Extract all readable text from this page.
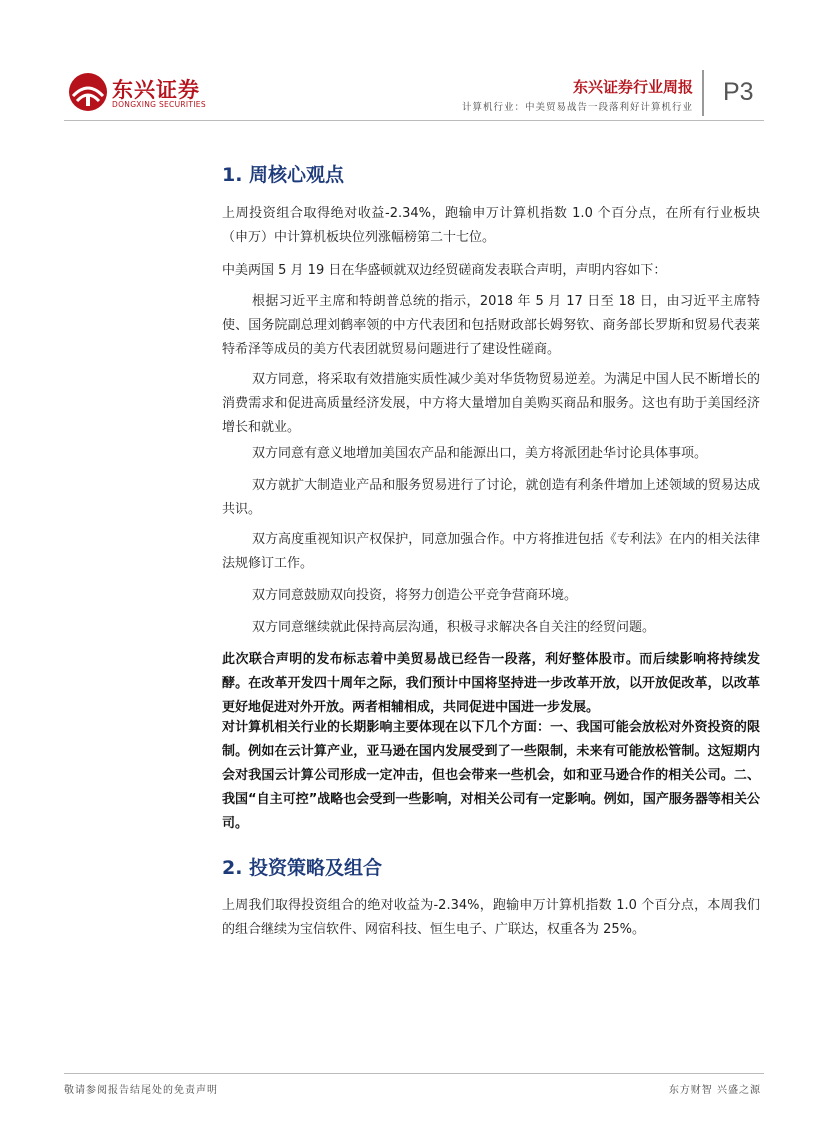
东兴证券
DONGXING SECURITIES
东兴证券行业周报
计算机行业：中美贸易战告一段落利好计算机行业
P3
1. 周核心观点
上周投资组合取得绝对收益-2.34%，跑输申万计算机指数 1.0 个百分点，在所有行业板块（申万）中计算机板块位列涨幅榜第二十七位。
中美两国 5 月 19 日在华盛顿就双边经贸磋商发表联合声明，声明内容如下：
根据习近平主席和特朗普总统的指示，2018 年 5 月 17 日至 18 日，由习近平主席特使、国务院副总理刘鹤率领的中方代表团和包括财政部长姆努钦、商务部长罗斯和贸易代表莱特希泽等成员的美方代表团就贸易问题进行了建设性磋商。
双方同意，将采取有效措施实质性减少美对华货物贸易逆差。为满足中国人民不断增长的消费需求和促进高质量经济发展，中方将大量增加自美购买商品和服务。这也有助于美国经济增长和就业。
双方同意有意义地增加美国农产品和能源出口，美方将派团赴华讨论具体事项。
双方就扩大制造业产品和服务贸易进行了讨论，就创造有利条件增加上述领域的贸易达成共识。
双方高度重视知识产权保护，同意加强合作。中方将推进包括《专利法》在内的相关法律法规修订工作。
双方同意鼓励双向投资，将努力创造公平竞争营商环境。
双方同意继续就此保持高层沟通，积极寻求解决各自关注的经贸问题。
此次联合声明的发布标志着中美贸易战已经告一段落，利好整体股市。而后续影响将持续发酵。在改革开发四十周年之际，我们预计中国将坚持进一步改革开放，以开放促改革，以改革更好地促进对外开放。两者相辅相成，共同促进中国进一步发展。
对计算机相关行业的长期影响主要体现在以下几个方面：一、我国可能会放松对外资投资的限制。例如在云计算产业，亚马逊在国内发展受到了一些限制，未来有可能放松管制。这短期内会对我国云计算公司形成一定冲击，但也会带来一些机会，如和亚马逊合作的相关公司。二、我国“自主可控”战略也会受到一些影响，对相关公司有一定影响。例如，国产服务器等相关公司。
2. 投资策略及组合
上周我们取得投资组合的绝对收益为-2.34%，跑输申万计算机指数 1.0 个百分点，本周我们的组合继续为宝信软件、网宿科技、恒生电子、广联达，权重各为 25%。
敬请参阅报告结尾处的免责声明	东方财智 兴盛之源
